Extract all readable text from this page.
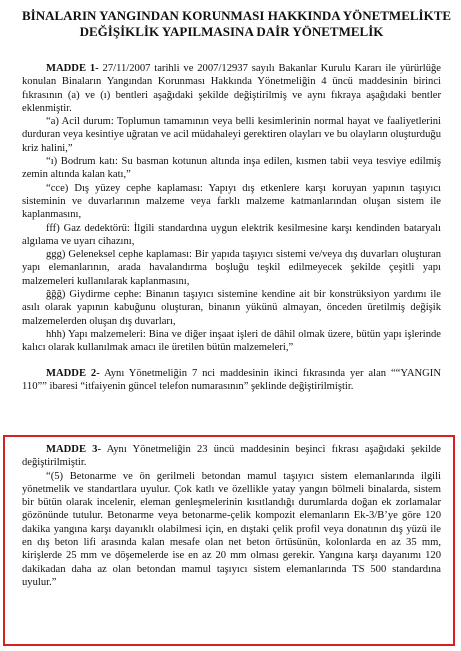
BİNALARIN YANGINDAN KORUNMASI HAKKINDA YÖNETMELİKTE
DEĞİŞİKLİK YAPILMASINA DAİR YÖNETMELİK

MADDE 1- 27/11/2007 tarihli ve 2007/12937 sayılı Bakanlar Kurulu Kararı ile yürürlüğe konulan Binaların Yangından Korunması Hakkında Yönetmeliğin 4 üncü maddesinin birinci fıkrasının (a) ve (ı) bentleri aşağıdaki şekilde değiştirilmiş ve aynı fıkraya aşağıdaki bentler eklenmiştir.

“a) Acil durum: Toplumun tamamının veya belli kesimlerinin normal hayat ve faaliyetlerini durduran veya kesintiye uğratan ve acil müdahaleyi gerektiren olayları ve bu olayların oluşturduğu kriz halini,”

“ı) Bodrum katı: Su basman kotunun altında inşa edilen, kısmen tabii veya tesviye edilmiş zemin altında kalan katı,”

“cce) Dış yüzey cephe kaplaması: Yapıyı dış etkenlere karşı koruyan yapının taşıyıcı sisteminin ve duvarlarının malzeme veya farklı malzeme katmanlarından oluşan sistem ile kaplanmasını,

fff) Gaz dedektörü: İlgili standardına uygun elektrik kesilmesine karşı kendinden bataryalı algılama ve uyarı cihazını,

ggg) Geleneksel cephe kaplaması: Bir yapıda taşıyıcı sistemi ve/veya dış duvarları oluşturan yapı elemanlarının, arada havalandırma boşluğu teşkil edilmeyecek şekilde çeşitli yapı malzemeleri kullanılarak kaplanmasını,

ğğğ) Giydirme cephe: Binanın taşıyıcı sistemine kendine ait bir konstrüksiyon yardımı ile asılı olarak yapının kabuğunu oluşturan, binanın yükünü almayan, önceden üretilmiş değişik malzemelerden oluşan dış duvarları,

hhh) Yapı malzemeleri: Bina ve diğer inşaat işleri de dâhil olmak üzere, bütün yapı işlerinde kalıcı olarak kullanılmak amacı ile üretilen bütün malzemeleri,”

MADDE 2- Aynı Yönetmeliğin 7 nci maddesinin ikinci fıkrasında yer alan ““YANGIN 110”” ibaresi “itfaiyenin güncel telefon numarasının” şeklinde değiştirilmiştir.

MADDE 3- Aynı Yönetmeliğin 23 üncü maddesinin beşinci fıkrası aşağıdaki şekilde değiştirilmiştir.

“(5) Betonarme ve ön gerilmeli betondan mamul taşıyıcı sistem elemanlarında ilgili yönetmelik ve standartlara uyulur. Çok katlı ve özellikle yatay yangın bölmeli binalarda, sistem bir bütün olarak incelenir, eleman genleşmelerinin kısıtlandığı durumlarda doğan ek zorlamalar gözönünde tutulur. Betonarme veya betonarme-çelik kompozit elemanların Ek-3/B’ye göre 120 dakika yangına karşı dayanıklı olabilmesi için, en dıştaki çelik profil veya donatının dış yüzü ile en dış beton lifi arasında kalan mesafe olan net beton örtüsünün, kolonlarda en az 35 mm, kirişlerde 25 mm ve döşemelerde ise en az 20 mm olması gerekir. Yangına karşı dayanımı 120 dakikadan daha az olan betondan mamul taşıyıcı sistem elemanlarında TS 500 standardına uyulur.”
